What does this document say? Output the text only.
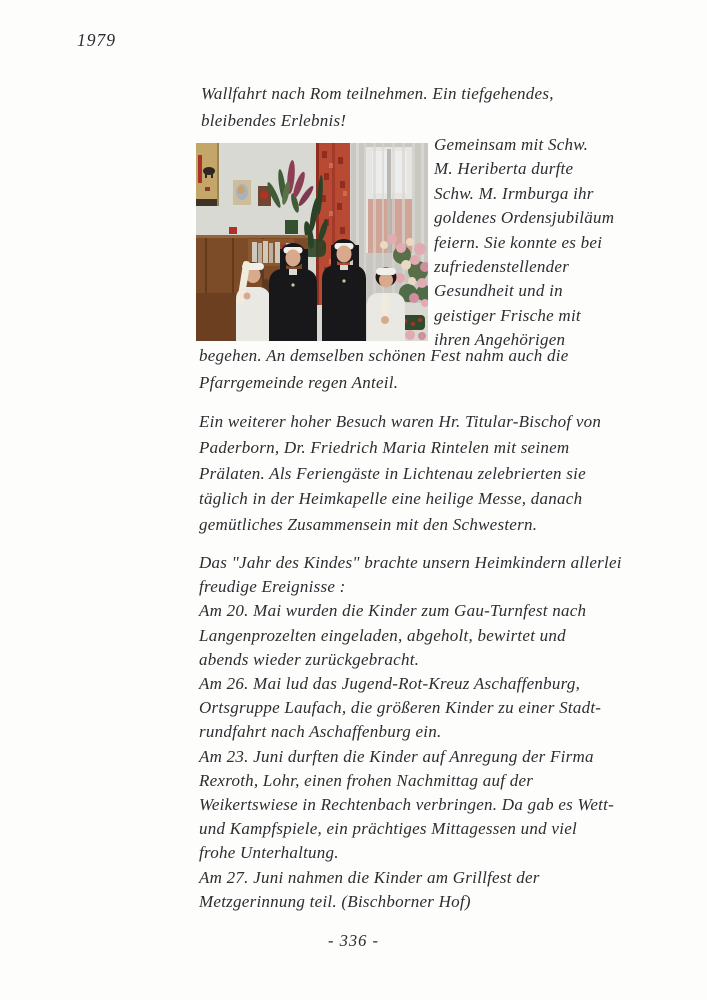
1979
Wallfahrt nach Rom teilnehmen. Ein tiefgehendes,
bleibendes Erlebnis!
Gemeinsam mit Schw.
M. Heriberta durfte
Schw. M. Irmburga ihr
goldenes Ordensjubiläum
feiern. Sie konnte es bei
zufriedenstellender
Gesundheit und in
geistiger Frische mit
ihren Angehörigen
begehen. An demselben schönen Fest nahm auch die
Pfarrgemeinde regen Anteil.
Ein weiterer hoher Besuch waren Hr. Titular-Bischof von
Paderborn, Dr. Friedrich Maria Rintelen mit seinem
Prälaten. Als Feriengäste in Lichtenau zelebrierten sie
täglich in der Heimkapelle eine heilige Messe, danach
gemütliches Zusammensein mit den Schwestern.
Das "Jahr des Kindes" brachte unsern Heimkindern allerlei
freudige Ereignisse :
Am 20. Mai wurden die Kinder zum Gau-Turnfest nach
Langenprozelten eingeladen, abgeholt, bewirtet und
abends wieder zurückgebracht.
Am 26. Mai lud das Jugend-Rot-Kreuz Aschaffenburg,
Ortsgruppe Laufach, die größeren Kinder zu einer Stadt-
rundfahrt nach Aschaffenburg ein.
Am 23. Juni durften die Kinder auf Anregung der Firma
Rexroth, Lohr, einen frohen Nachmittag auf der
Weikertswiese in Rechtenbach verbringen. Da gab es Wett-
und Kampfspiele, ein prächtiges Mittagessen und viel
frohe Unterhaltung.
Am 27. Juni nahmen die Kinder am Grillfest der
Metzgerinnung teil. (Bischborner Hof)
- 336 -
